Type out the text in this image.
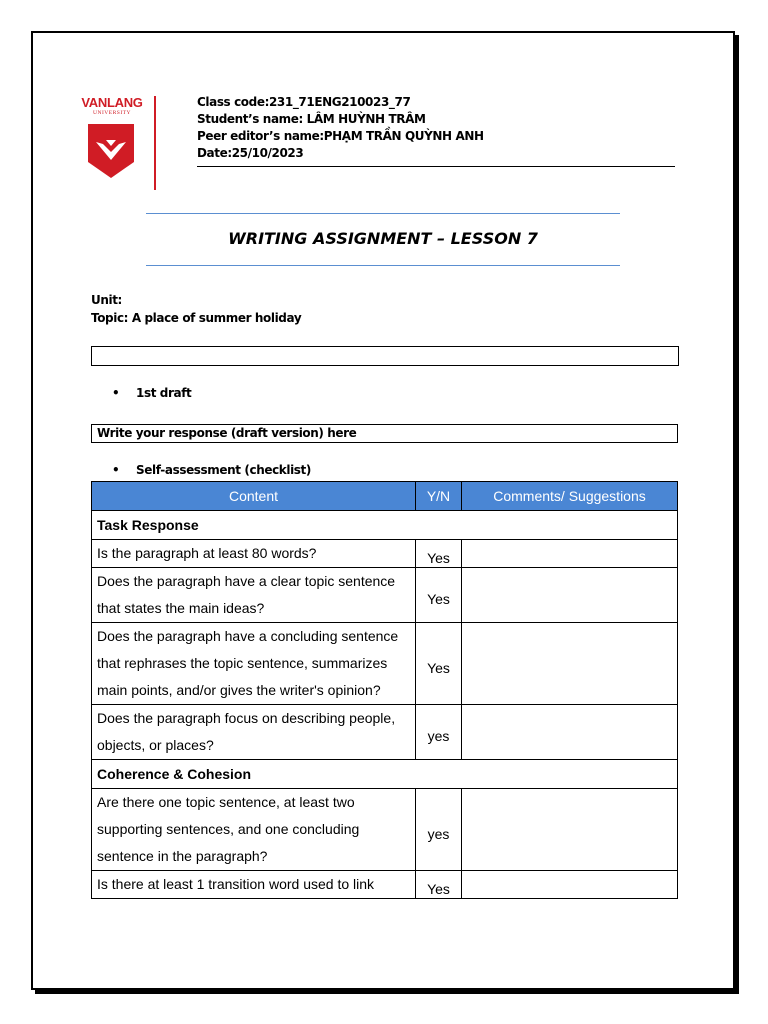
VANLANG
UNIVERSITY
Class code:231_71ENG210023_77
Student’s name: LÂM HUỲNH TRÂM
Peer editor’s name:PHẠM TRẦN QUỲNH ANH
Date:25/10/2023
WRITING ASSIGNMENT – LESSON 7
Unit:
Topic: A place of summer holiday
• 1st draft
Write your response (draft version) here
• Self-assessment (checklist)
Content	Y/N	Comments/ Suggestions
Task Response		
Is the paragraph at least 80 words?	Yes	
Does the paragraph have a clear topic sentence that states the main ideas?	Yes	
Does the paragraph have a concluding sentence that rephrases the topic sentence, summarizes main points, and/or gives the writer's opinion?	Yes	
Does the paragraph focus on describing people, objects, or places?	yes	
Coherence & Cohesion		
Are there one topic sentence, at least two supporting sentences, and one concluding sentence in the paragraph?	yes	
Is there at least 1 transition word used to link	Yes	
